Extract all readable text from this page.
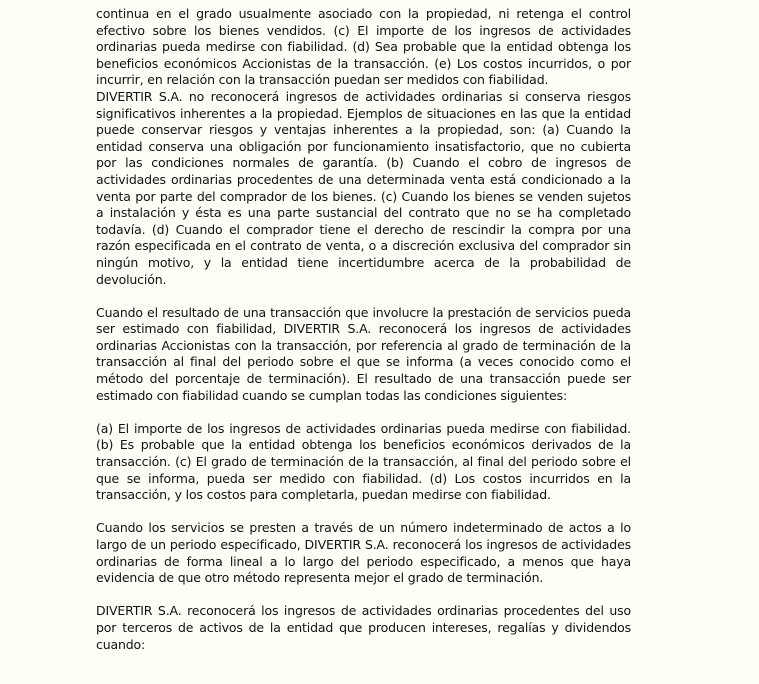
continua en el grado usualmente asociado con la propiedad, ni retenga el control efectivo sobre los bienes vendidos. (c) El importe de los ingresos de actividades ordinarias pueda medirse con fiabilidad. (d) Sea probable que la entidad obtenga los beneficios económicos Accionistas de la transacción. (e) Los costos incurridos, o por incurrir, en relación con la transacción puedan ser medidos con fiabilidad.

DIVERTIR S.A. no reconocerá ingresos de actividades ordinarias si conserva riesgos significativos inherentes a la propiedad. Ejemplos de situaciones en las que la entidad puede conservar riesgos y ventajas inherentes a la propiedad, son: (a) Cuando la entidad conserva una obligación por funcionamiento insatisfactorio, que no cubierta por las condiciones normales de garantía. (b) Cuando el cobro de ingresos de actividades ordinarias procedentes de una determinada venta está condicionado a la venta por parte del comprador de los bienes. (c) Cuando los bienes se venden sujetos a instalación y ésta es una parte sustancial del contrato que no se ha completado todavía. (d) Cuando el comprador tiene el derecho de rescindir la compra por una razón especificada en el contrato de venta, o a discreción exclusiva del comprador sin ningún motivo, y la entidad tiene incertidumbre acerca de la probabilidad de devolución.

Cuando el resultado de una transacción que involucre la prestación de servicios pueda ser estimado con fiabilidad, DIVERTIR S.A. reconocerá los ingresos de actividades ordinarias Accionistas con la transacción, por referencia al grado de terminación de la transacción al final del periodo sobre el que se informa (a veces conocido como el método del porcentaje de terminación). El resultado de una transacción puede ser estimado con fiabilidad cuando se cumplan todas las condiciones siguientes:

(a) El importe de los ingresos de actividades ordinarias pueda medirse con fiabilidad. (b) Es probable que la entidad obtenga los beneficios económicos derivados de la transacción. (c) El grado de terminación de la transacción, al final del periodo sobre el que se informa, pueda ser medido con fiabilidad. (d) Los costos incurridos en la transacción, y los costos para completarla, puedan medirse con fiabilidad.

Cuando los servicios se presten a través de un número indeterminado de actos a lo largo de un periodo especificado, DIVERTIR S.A. reconocerá los ingresos de actividades ordinarias de forma lineal a lo largo del periodo especificado, a menos que haya evidencia de que otro método representa mejor el grado de terminación.

DIVERTIR S.A. reconocerá los ingresos de actividades ordinarias procedentes del uso por terceros de activos de la entidad que producen intereses, regalías y dividendos cuando:
